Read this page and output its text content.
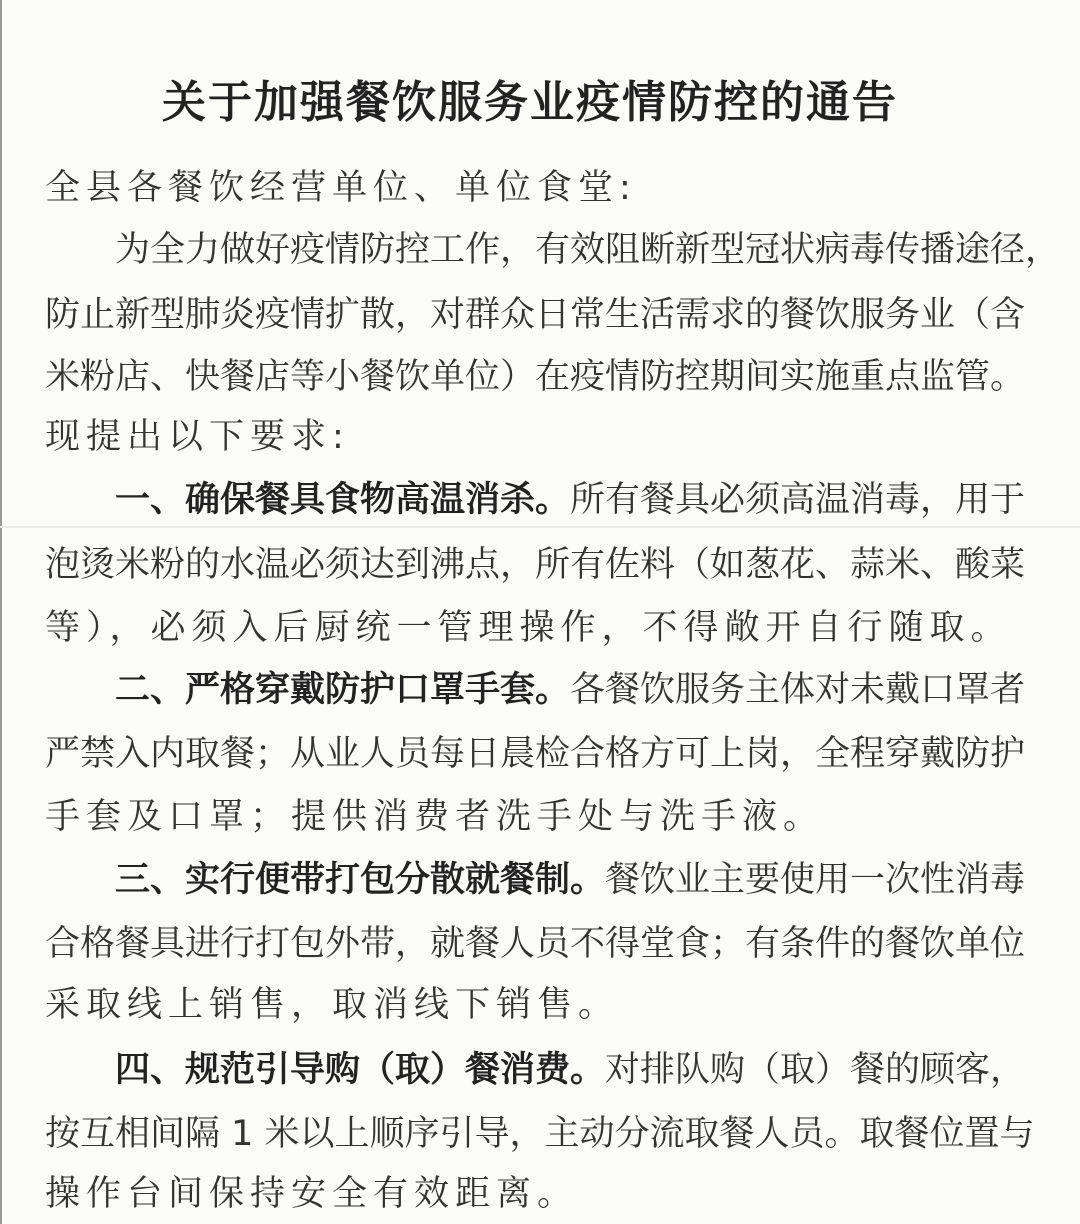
关于加强餐饮服务业疫情防控的通告
全县各餐饮经营单位、单位食堂:
为全力做好疫情防控工作，有效阻断新型冠状病毒传播途径，
防止新型肺炎疫情扩散，对群众日常生活需求的餐饮服务业（含
米粉店、快餐店等小餐饮单位）在疫情防控期间实施重点监管。
现提出以下要求:
一、确保餐具食物高温消杀。所有餐具必须高温消毒，用于
泡烫米粉的水温必须达到沸点，所有佐料（如葱花、蒜米、酸菜
等），必须入后厨统一管理操作，不得敞开自行随取。
二、严格穿戴防护口罩手套。各餐饮服务主体对未戴口罩者
严禁入内取餐；从业人员每日晨检合格方可上岗，全程穿戴防护
手套及口罩；提供消费者洗手处与洗手液。
三、实行便带打包分散就餐制。餐饮业主要使用一次性消毒
合格餐具进行打包外带，就餐人员不得堂食；有条件的餐饮单位
采取线上销售，取消线下销售。
四、规范引导购（取）餐消费。对排队购（取）餐的顾客，
按互相间隔 1 米以上顺序引导，主动分流取餐人员。取餐位置与
操作台间保持安全有效距离。
